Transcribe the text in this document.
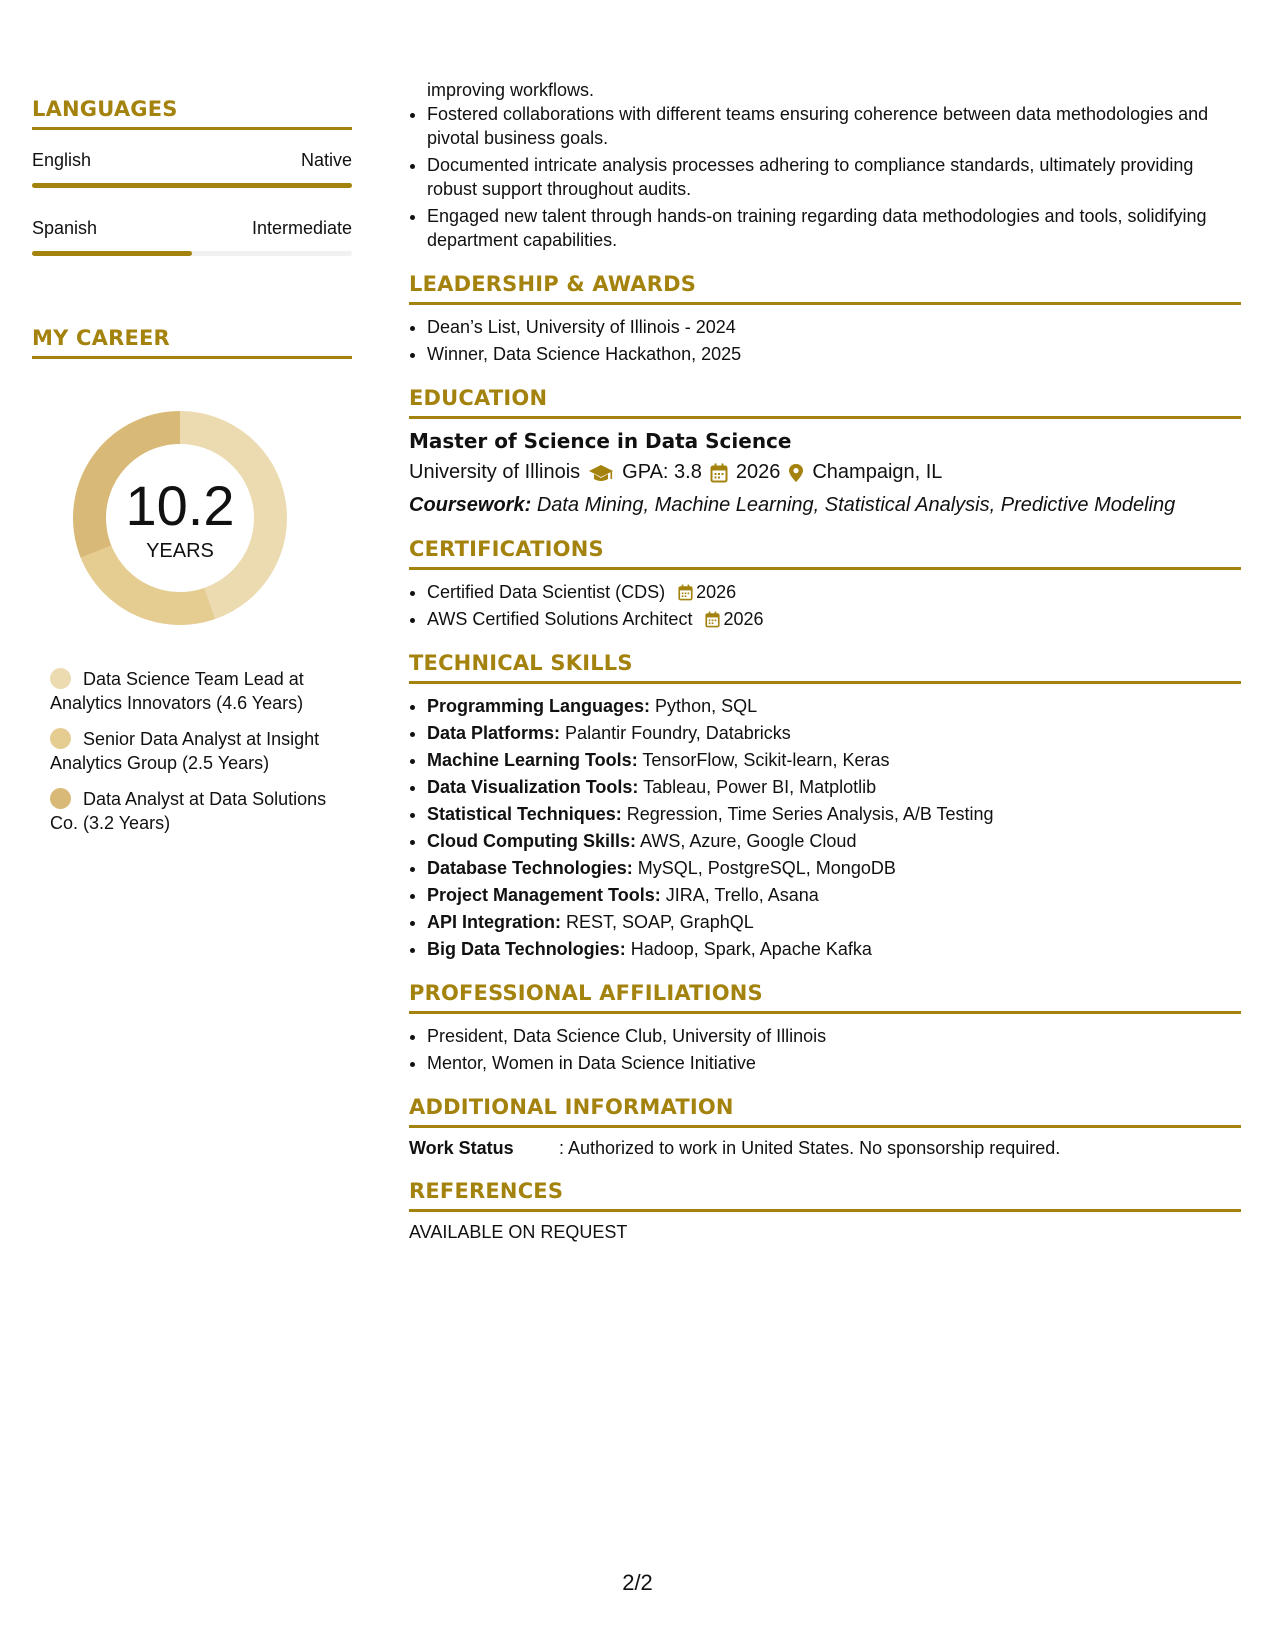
LANGUAGES
English	Native
Spanish	Intermediate
MY CAREER
10.2
YEARS
Data Science Team Lead at Analytics Innovators (4.6 Years)
Senior Data Analyst at Insight Analytics Group (2.5 Years)
Data Analyst at Data Solutions Co. (3.2 Years)
improving workflows.
• Fostered collaborations with different teams ensuring coherence between data methodologies and pivotal business goals.
• Documented intricate analysis processes adhering to compliance standards, ultimately providing robust support throughout audits.
• Engaged new talent through hands-on training regarding data methodologies and tools, solidifying department capabilities.
LEADERSHIP & AWARDS
• Dean’s List, University of Illinois - 2024
• Winner, Data Science Hackathon, 2025
EDUCATION
Master of Science in Data Science
University of Illinois GPA: 3.8 2026 Champaign, IL
Coursework: Data Mining, Machine Learning, Statistical Analysis, Predictive Modeling
CERTIFICATIONS
• Certified Data Scientist (CDS) 2026
• AWS Certified Solutions Architect 2026
TECHNICAL SKILLS
• Programming Languages: Python, SQL
• Data Platforms: Palantir Foundry, Databricks
• Machine Learning Tools: TensorFlow, Scikit-learn, Keras
• Data Visualization Tools: Tableau, Power BI, Matplotlib
• Statistical Techniques: Regression, Time Series Analysis, A/B Testing
• Cloud Computing Skills: AWS, Azure, Google Cloud
• Database Technologies: MySQL, PostgreSQL, MongoDB
• Project Management Tools: JIRA, Trello, Asana
• API Integration: REST, SOAP, GraphQL
• Big Data Technologies: Hadoop, Spark, Apache Kafka
PROFESSIONAL AFFILIATIONS
• President, Data Science Club, University of Illinois
• Mentor, Women in Data Science Initiative
ADDITIONAL INFORMATION
Work Status	: Authorized to work in United States. No sponsorship required.
REFERENCES
AVAILABLE ON REQUEST
2/2
